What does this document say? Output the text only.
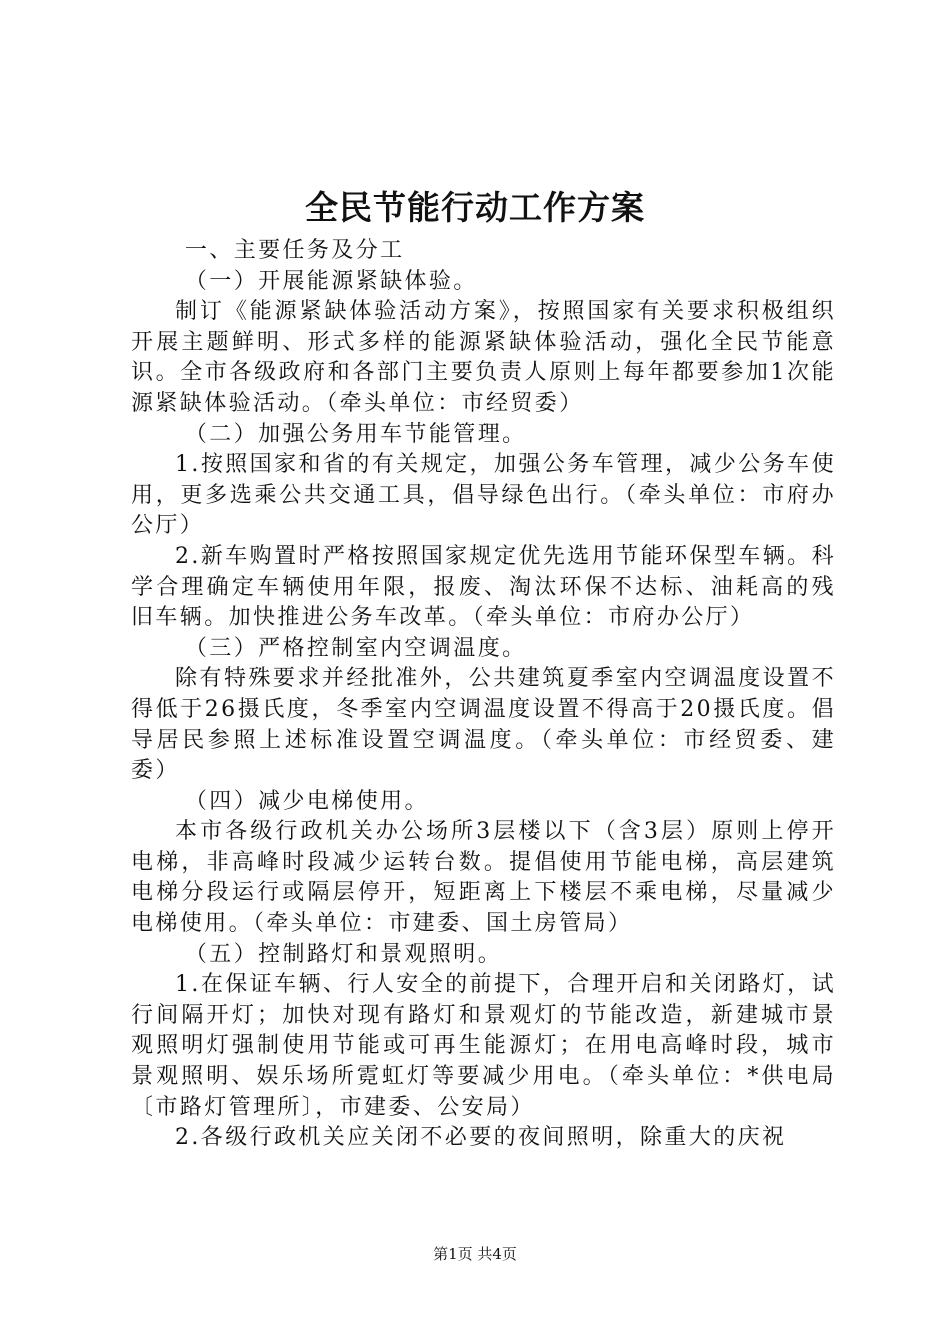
全民节能行动工作方案

一、主要任务及分工

（一）开展能源紧缺体验。

制订《能源紧缺体验活动方案》，按照国家有关要求积极组织开展主题鲜明、形式多样的能源紧缺体验活动，强化全民节能意识。全市各级政府和各部门主要负责人原则上每年都要参加1次能源紧缺体验活动。（牵头单位：市经贸委）

（二）加强公务用车节能管理。

1.按照国家和省的有关规定，加强公务车管理，减少公务车使用，更多选乘公共交通工具，倡导绿色出行。（牵头单位：市府办公厅）

2.新车购置时严格按照国家规定优先选用节能环保型车辆。科学合理确定车辆使用年限，报废、淘汰环保不达标、油耗高的残旧车辆。加快推进公务车改革。（牵头单位：市府办公厅）

（三）严格控制室内空调温度。

除有特殊要求并经批准外，公共建筑夏季室内空调温度设置不得低于26摄氏度，冬季室内空调温度设置不得高于20摄氏度。倡导居民参照上述标准设置空调温度。（牵头单位：市经贸委、建委）

（四）减少电梯使用。

本市各级行政机关办公场所3层楼以下（含3层）原则上停开电梯，非高峰时段减少运转台数。提倡使用节能电梯，高层建筑电梯分段运行或隔层停开，短距离上下楼层不乘电梯，尽量减少电梯使用。（牵头单位：市建委、国土房管局）

（五）控制路灯和景观照明。

1.在保证车辆、行人安全的前提下，合理开启和关闭路灯，试行间隔开灯；加快对现有路灯和景观灯的节能改造，新建城市景观照明灯强制使用节能或可再生能源灯；在用电高峰时段，城市景观照明、娱乐场所霓虹灯等要减少用电。（牵头单位：*供电局〔市路灯管理所〕，市建委、公安局）

2.各级行政机关应关闭不必要的夜间照明，除重大的庆祝

第1页 共4页
